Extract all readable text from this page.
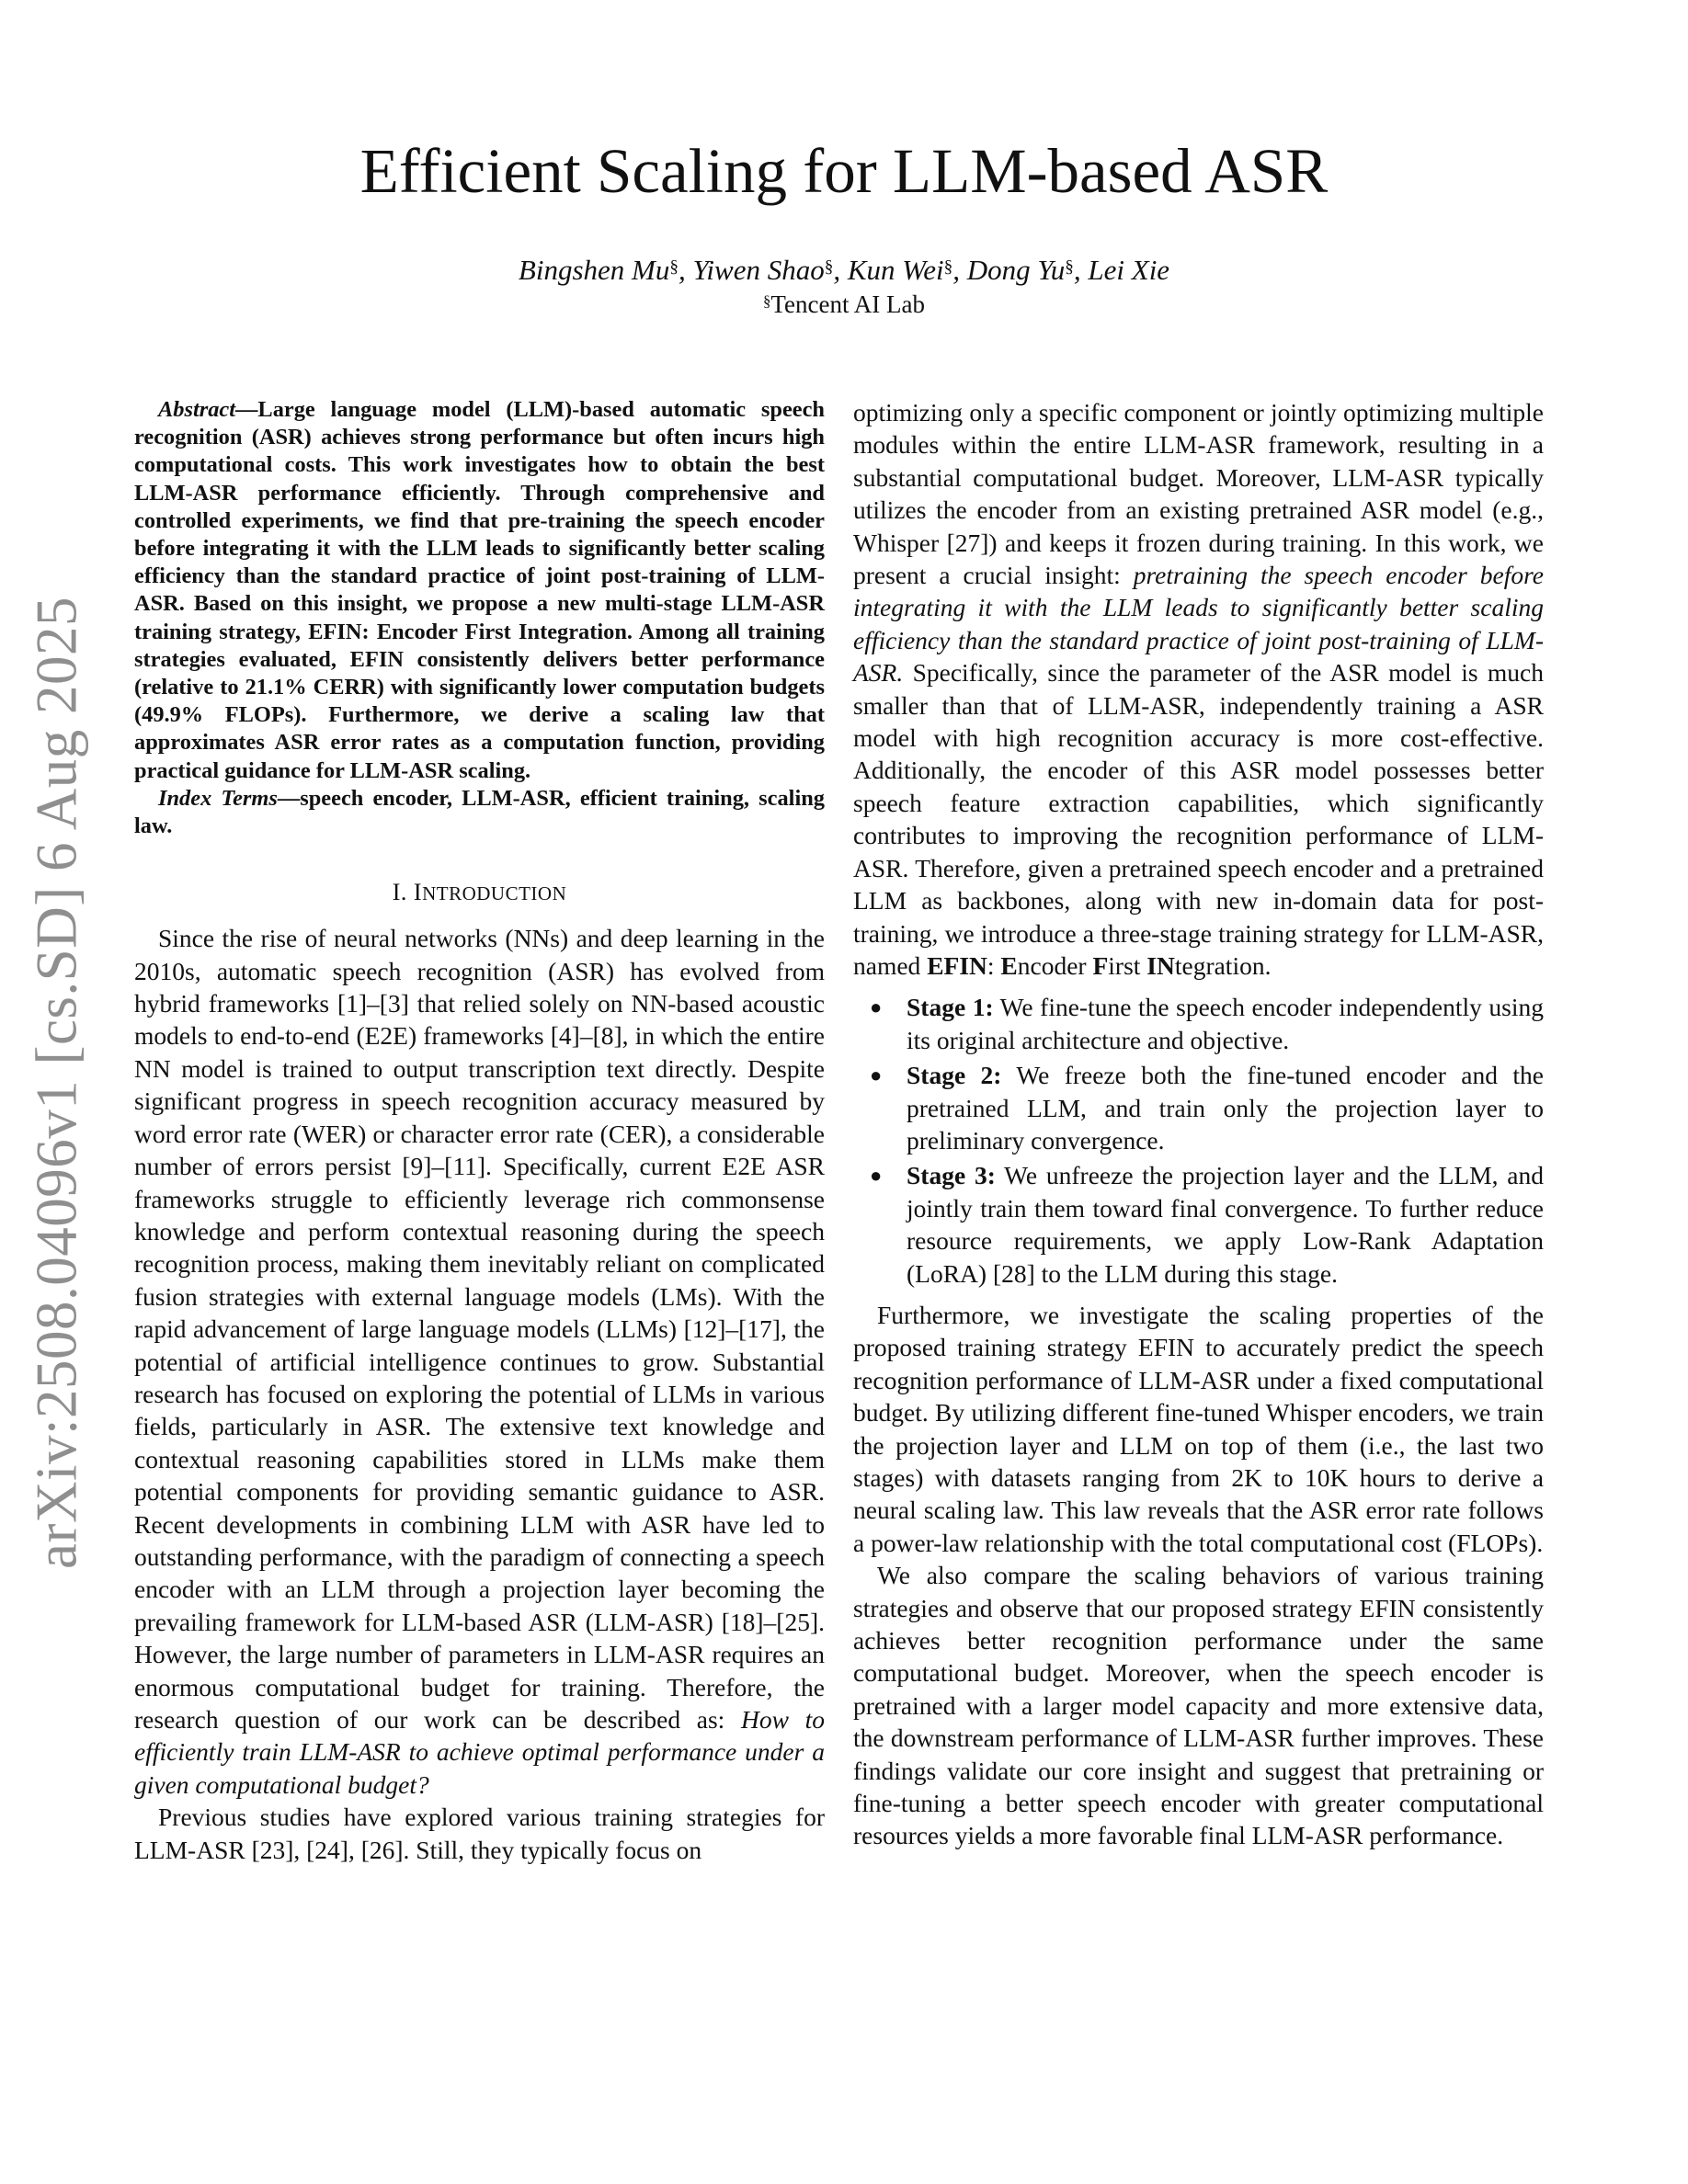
arXiv:2508.04096v1 [cs.SD] 6 Aug 2025
Efficient Scaling for LLM-based ASR
Bingshen Mu§, Yiwen Shao§, Kun Wei§, Dong Yu§, Lei Xie
§Tencent AI Lab

Abstract—Large language model (LLM)-based automatic speech recognition (ASR) achieves strong performance but often incurs high computational costs. This work investigates how to obtain the best LLM-ASR performance efficiently. Through comprehensive and controlled experiments, we find that pre-training the speech encoder before integrating it with the LLM leads to significantly better scaling efficiency than the standard practice of joint post-training of LLM-ASR. Based on this insight, we propose a new multi-stage LLM-ASR training strategy, EFIN: Encoder First Integration. Among all training strategies evaluated, EFIN consistently delivers better performance (relative to 21.1% CERR) with significantly lower computation budgets (49.9% FLOPs). Furthermore, we derive a scaling law that approximates ASR error rates as a computation function, providing practical guidance for LLM-ASR scaling.

Index Terms—speech encoder, LLM-ASR, efficient training, scaling law.

I. INTRODUCTION

Since the rise of neural networks (NNs) and deep learning in the 2010s, automatic speech recognition (ASR) has evolved from hybrid frameworks [1]–[3] that relied solely on NN-based acoustic models to end-to-end (E2E) frameworks [4]–[8], in which the entire NN model is trained to output transcription text directly. Despite significant progress in speech recognition accuracy measured by word error rate (WER) or character error rate (CER), a considerable number of errors persist [9]–[11]. Specifically, current E2E ASR frameworks struggle to efficiently leverage rich commonsense knowledge and perform contextual reasoning during the speech recognition process, making them inevitably reliant on complicated fusion strategies with external language models (LMs). With the rapid advancement of large language models (LLMs) [12]–[17], the potential of artificial intelligence continues to grow. Substantial research has focused on exploring the potential of LLMs in various fields, particularly in ASR. The extensive text knowledge and contextual reasoning capabilities stored in LLMs make them potential components for providing semantic guidance to ASR. Recent developments in combining LLM with ASR have led to outstanding performance, with the paradigm of connecting a speech encoder with an LLM through a projection layer becoming the prevailing framework for LLM-based ASR (LLM-ASR) [18]–[25]. However, the large number of parameters in LLM-ASR requires an enormous computational budget for training. Therefore, the research question of our work can be described as: How to efficiently train LLM-ASR to achieve optimal performance under a given computational budget?

Previous studies have explored various training strategies for LLM-ASR [23], [24], [26]. Still, they typically focus on

optimizing only a specific component or jointly optimizing multiple modules within the entire LLM-ASR framework, resulting in a substantial computational budget. Moreover, LLM-ASR typically utilizes the encoder from an existing pretrained ASR model (e.g., Whisper [27]) and keeps it frozen during training. In this work, we present a crucial insight: pretraining the speech encoder before integrating it with the LLM leads to significantly better scaling efficiency than the standard practice of joint post-training of LLM-ASR. Specifically, since the parameter of the ASR model is much smaller than that of LLM-ASR, independently training a ASR model with high recognition accuracy is more cost-effective. Additionally, the encoder of this ASR model possesses better speech feature extraction capabilities, which significantly contributes to improving the recognition performance of LLM-ASR. Therefore, given a pretrained speech encoder and a pretrained LLM as backbones, along with new in-domain data for post-training, we introduce a three-stage training strategy for LLM-ASR, named EFIN: Encoder First INtegration.

● Stage 1: We fine-tune the speech encoder independently using its original architecture and objective.
● Stage 2: We freeze both the fine-tuned encoder and the pretrained LLM, and train only the projection layer to preliminary convergence.
● Stage 3: We unfreeze the projection layer and the LLM, and jointly train them toward final convergence. To further reduce resource requirements, we apply Low-Rank Adaptation (LoRA) [28] to the LLM during this stage.

Furthermore, we investigate the scaling properties of the proposed training strategy EFIN to accurately predict the speech recognition performance of LLM-ASR under a fixed computational budget. By utilizing different fine-tuned Whisper encoders, we train the projection layer and LLM on top of them (i.e., the last two stages) with datasets ranging from 2K to 10K hours to derive a neural scaling law. This law reveals that the ASR error rate follows a power-law relationship with the total computational cost (FLOPs).

We also compare the scaling behaviors of various training strategies and observe that our proposed strategy EFIN consistently achieves better recognition performance under the same computational budget. Moreover, when the speech encoder is pretrained with a larger model capacity and more extensive data, the downstream performance of LLM-ASR further improves. These findings validate our core insight and suggest that pretraining or fine-tuning a better speech encoder with greater computational resources yields a more favorable final LLM-ASR performance.
